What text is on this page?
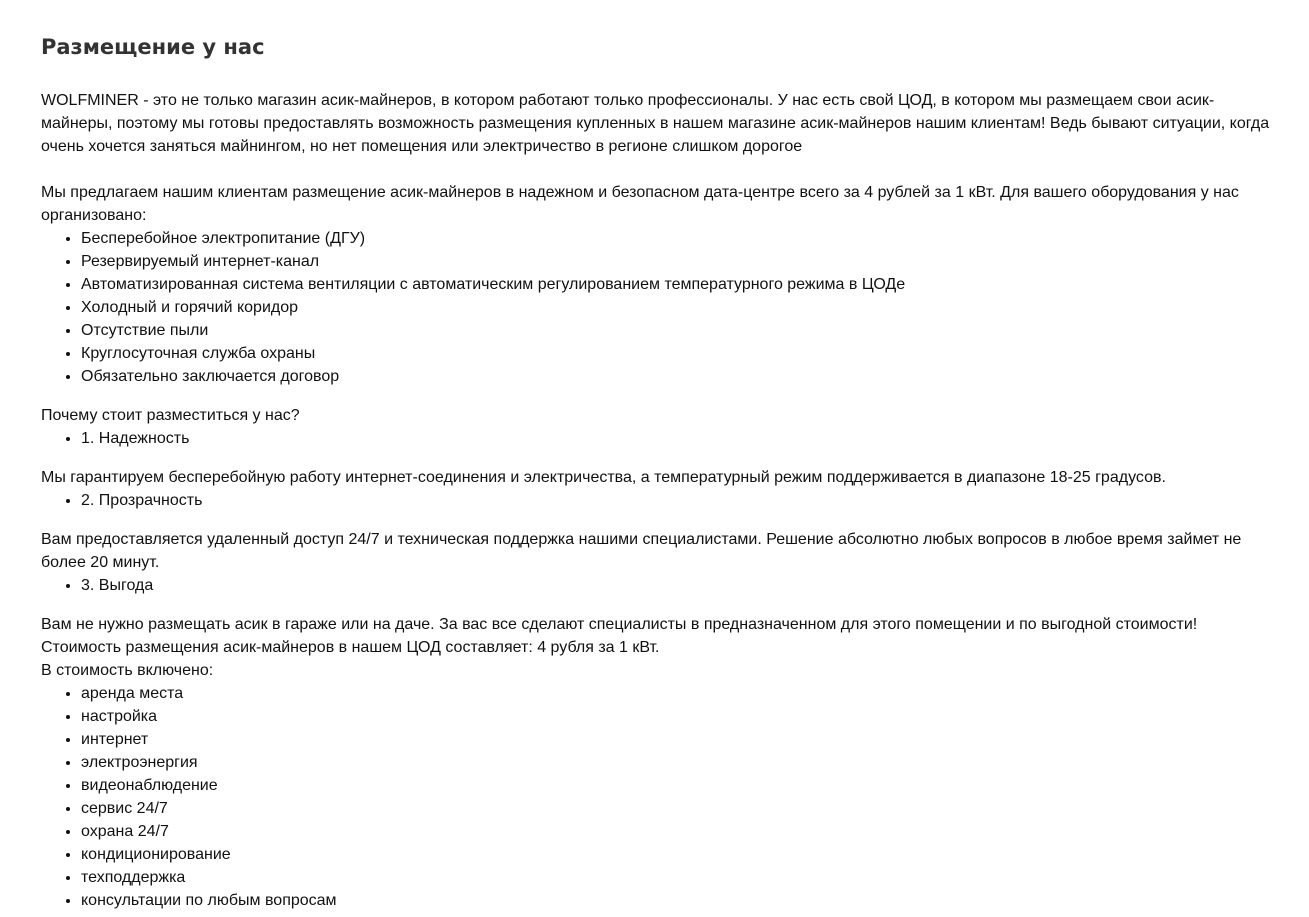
Размещение у нас

WOLFMINER - это не только магазин асик-майнеров, в котором работают только профессионалы. У нас есть свой ЦОД, в котором мы размещаем свои асик-майнеры, поэтому мы готовы предоставлять возможность размещения купленных в нашем магазине асик-майнеров нашим клиентам! Ведь бывают ситуации, когда очень хочется заняться майнингом, но нет помещения или электричество в регионе слишком дорогое

Мы предлагаем нашим клиентам размещение асик-майнеров в надежном и безопасном дата-центре всего за 4 рублей за 1 кВт. Для вашего оборудования у нас организовано:

• Бесперебойное электропитание (ДГУ)
• Резервируемый интернет-канал
• Автоматизированная система вентиляции с автоматическим регулированием температурного режима в ЦОДе
• Холодный и горячий коридор
• Отсутствие пыли
• Круглосуточная служба охраны
• Обязательно заключается договор

Почему стоит разместиться у нас?

• 1. Надежность

Мы гарантируем бесперебойную работу интернет-соединения и электричества, а температурный режим поддерживается в диапазоне 18-25 градусов.

• 2. Прозрачность

Вам предоставляется удаленный доступ 24/7 и техническая поддержка нашими специалистами. Решение абсолютно любых вопросов в любое время займет не более 20 минут.

• 3. Выгода

Вам не нужно размещать асик в гараже или на даче. За вас все сделают специалисты в предназначенном для этого помещении и по выгодной стоимости!

Стоимость размещения асик-майнеров в нашем ЦОД составляет: 4 рубля за 1 кВт.

В стоимость включено:

• аренда места
• настройка
• интернет
• электроэнергия
• видеонаблюдение
• сервис 24/7
• охрана 24/7
• кондиционирование
• техподдержка
• консультации по любым вопросам
